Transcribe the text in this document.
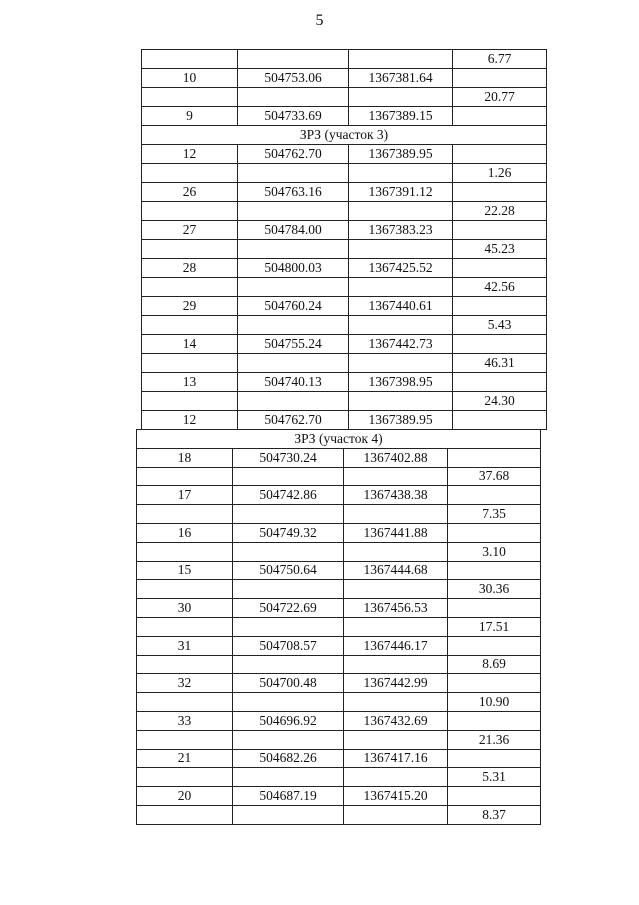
5
			6.77
10	504753.06	1367381.64	
			20.77
9	504733.69	1367389.15	
ЗРЗ (участок 3)			
12	504762.70	1367389.95	
			1.26
26	504763.16	1367391.12	
			22.28
27	504784.00	1367383.23	
			45.23
28	504800.03	1367425.52	
			42.56
29	504760.24	1367440.61	
			5.43
14	504755.24	1367442.73	
			46.31
13	504740.13	1367398.95	
			24.30
12	504762.70	1367389.95	
ЗРЗ (участок 4)			
18	504730.24	1367402.88	
			37.68
17	504742.86	1367438.38	
			7.35
16	504749.32	1367441.88	
			3.10
15	504750.64	1367444.68	
			30.36
30	504722.69	1367456.53	
			17.51
31	504708.57	1367446.17	
			8.69
32	504700.48	1367442.99	
			10.90
33	504696.92	1367432.69	
			21.36
21	504682.26	1367417.16	
			5.31
20	504687.19	1367415.20	
			8.37
